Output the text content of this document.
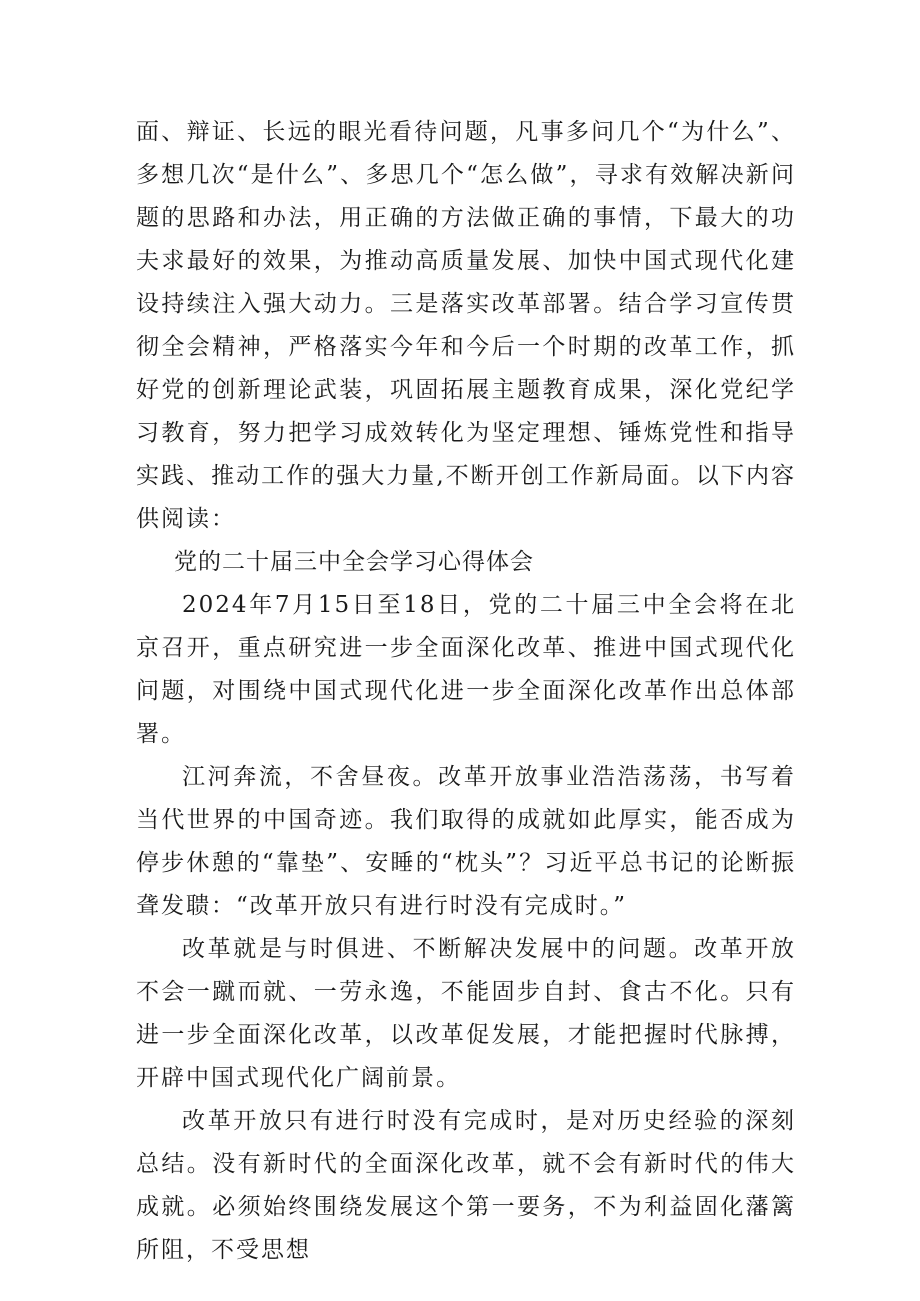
面、辩证、长远的眼光看待问题，凡事多问几个“为什么”、多想几次“是什么”、多思几个“怎么做”，寻求有效解决新问题的思路和办法，用正确的方法做正确的事情，下最大的功夫求最好的效果，为推动高质量发展、加快中国式现代化建设持续注入强大动力。三是落实改革部署。结合学习宣传贯彻全会精神，严格落实今年和今后一个时期的改革工作，抓好党的创新理论武装，巩固拓展主题教育成果，深化党纪学习教育，努力把学习成效转化为坚定理想、锤炼党性和指导实践、推动工作的强大力量,不断开创工作新局面。以下内容供阅读：

党的二十届三中全会学习心得体会

2024年7月15日至18日，党的二十届三中全会将在北京召开，重点研究进一步全面深化改革、推进中国式现代化问题，对围绕中国式现代化进一步全面深化改革作出总体部署。

江河奔流，不舍昼夜。改革开放事业浩浩荡荡，书写着当代世界的中国奇迹。我们取得的成就如此厚实，能否成为停步休憩的“靠垫”、安睡的“枕头”？习近平总书记的论断振聋发聩：“改革开放只有进行时没有完成时。”

改革就是与时俱进、不断解决发展中的问题。改革开放不会一蹴而就、一劳永逸，不能固步自封、食古不化。只有进一步全面深化改革，以改革促发展，才能把握时代脉搏，开辟中国式现代化广阔前景。

改革开放只有进行时没有完成时，是对历史经验的深刻总结。没有新时代的全面深化改革，就不会有新时代的伟大成就。必须始终围绕发展这个第一要务，不为利益固化藩篱所阻，不受思想
